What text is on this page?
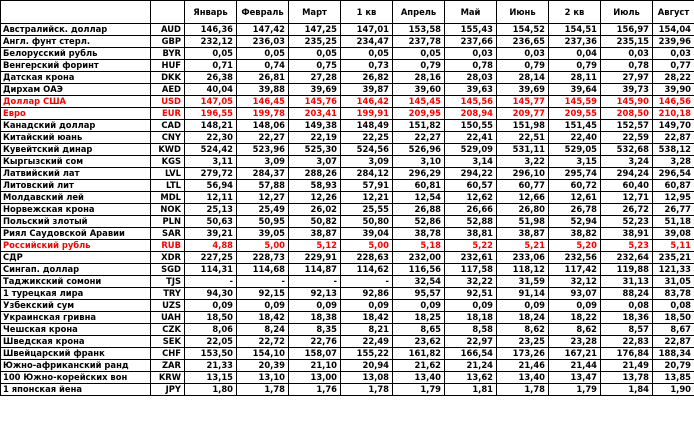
		Январь	Февраль	Март	1 кв	Апрель	Май	Июнь	2 кв	Июль	Август
Австралийск. доллар	AUD	146,36	147,42	147,25	147,01	153,58	155,43	154,52	154,51	156,97	154,04
Англ. фунт стерл.	GBP	232,12	236,03	235,25	234,47	237,78	237,66	236,65	237,36	235,15	239,96
Белорусский рубль	BYR	0,05	0,05	0,05	0,05	0,05	0,03	0,03	0,04	0,03	0,03
Венгерский форинт	HUF	0,71	0,74	0,75	0,73	0,79	0,78	0,79	0,79	0,78	0,77
Датская крона	DKK	26,38	26,81	27,28	26,82	28,16	28,03	28,14	28,11	27,97	28,22
Дирхам ОАЭ	AED	40,04	39,88	39,69	39,87	39,60	39,63	39,69	39,64	39,73	39,90
Доллар США	USD	147,05	146,45	145,76	146,42	145,45	145,56	145,77	145,59	145,90	146,56
Евро	EUR	196,55	199,78	203,41	199,91	209,95	208,94	209,77	209,55	208,50	210,18
Канадский доллар	CAD	148,21	148,06	149,38	148,49	151,82	150,55	151,98	151,45	152,57	149,70
Китайский юань	CNY	22,30	22,27	22,19	22,25	22,27	22,41	22,51	22,40	22,59	22,87
Кувейтский динар	KWD	524,42	523,96	525,30	524,56	526,96	529,09	531,11	529,05	532,68	538,12
Кыргызский сом	KGS	3,11	3,09	3,07	3,09	3,10	3,14	3,22	3,15	3,24	3,28
Латвийский лат	LVL	279,72	284,37	288,26	284,12	296,29	294,22	296,10	295,74	294,24	296,54
Литовский лит	LTL	56,94	57,88	58,93	57,91	60,81	60,57	60,77	60,72	60,40	60,87
Молдавский лей	MDL	12,11	12,27	12,26	12,21	12,54	12,62	12,66	12,61	12,71	12,95
Норвежская крона	NOK	25,13	25,49	26,02	25,55	26,88	26,66	26,80	26,78	26,72	26,77
Польский злотый	PLN	50,63	50,95	50,82	50,80	52,86	52,88	51,98	52,94	52,23	51,18
Риял Саудовской Аравии	SAR	39,21	39,05	38,87	39,04	38,78	38,81	38,87	38,82	38,91	39,08
Российский рубль	RUB	4,88	5,00	5,12	5,00	5,18	5,22	5,21	5,20	5,23	5,11
СДР	XDR	227,25	228,73	229,91	228,63	232,00	232,61	233,06	232,56	232,64	235,21
Сингап. доллар	SGD	114,31	114,68	114,87	114,62	116,56	117,58	118,12	117,42	119,88	121,33
Таджикский сомони	TJS	-	-	-	-	32,54	32,22	31,59	32,12	31,13	31,05
1 турецкая лира	TRY	94,30	92,15	92,13	92,86	95,57	92,51	91,14	93,07	88,24	83,78
Узбекский сум	UZS	0,09	0,09	0,09	0,09	0,09	0,09	0,09	0,09	0,08	0,08
Украинская гривна	UAH	18,50	18,42	18,38	18,42	18,25	18,18	18,24	18,22	18,36	18,50
Чешская крона	CZK	8,06	8,24	8,35	8,21	8,65	8,58	8,62	8,62	8,57	8,67
Шведская крона	SEK	22,05	22,72	22,76	22,49	23,62	22,97	23,25	23,28	22,83	22,87
Швейцарский франк	CHF	153,50	154,10	158,07	155,22	161,82	166,54	173,26	167,21	176,84	188,34
Южно-африканский ранд	ZAR	21,33	20,39	21,10	20,94	21,62	21,24	21,46	21,44	21,49	20,79
100 Южно-корейских вон	KRW	13,15	13,10	13,00	13,08	13,40	13,62	13,40	13,47	13,78	13,85
1 японская йена	JPY	1,80	1,78	1,76	1,78	1,79	1,81	1,78	1,79	1,84	1,90
